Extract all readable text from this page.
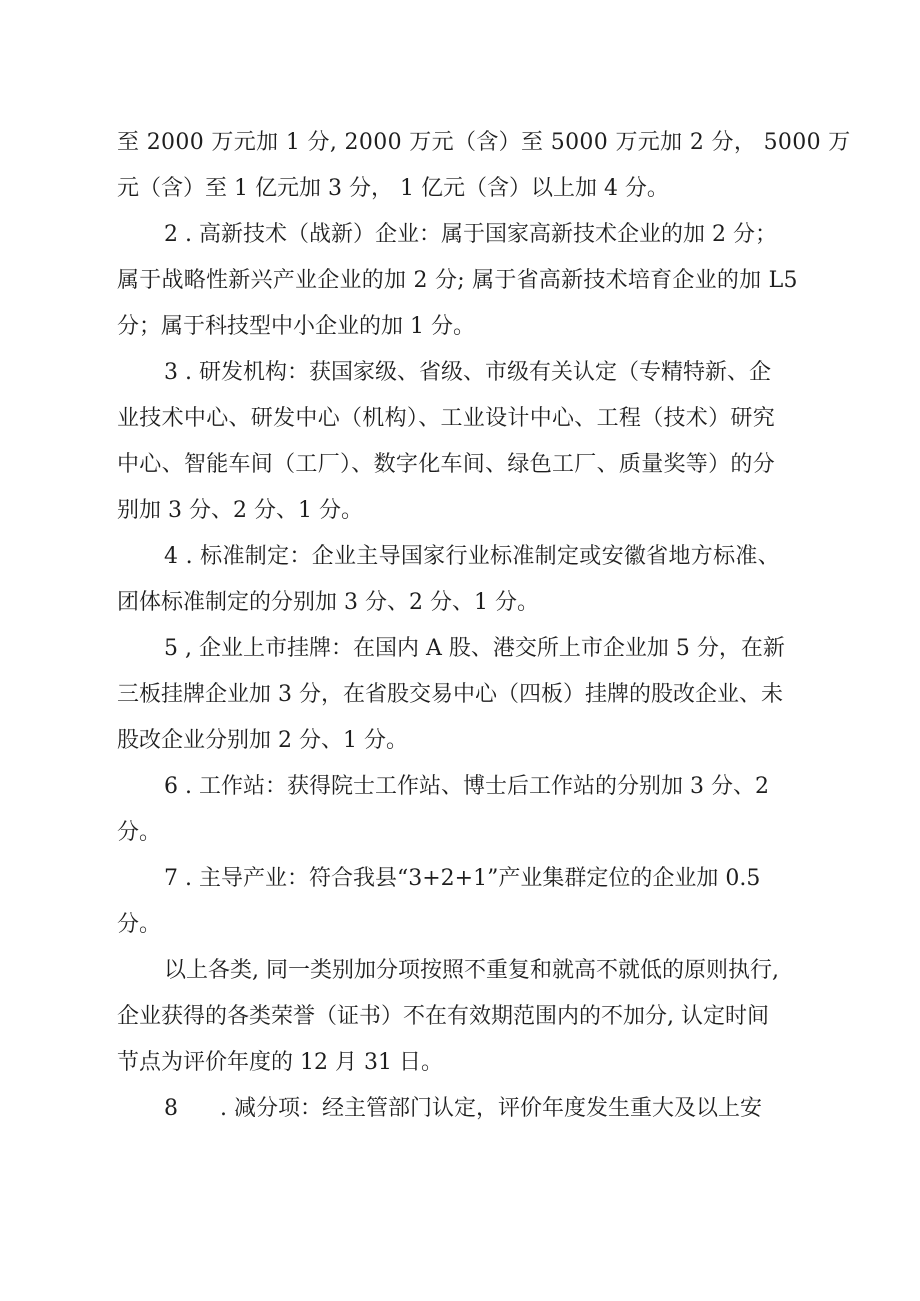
至 2000 万元加 1 分, 2000 万元（含）至 5000 万元加 2 分， 5000 万
元（含）至 1 亿元加 3 分， 1 亿元（含）以上加 4 分。
2 . 高新技术（战新）企业：属于国家高新技术企业的加 2 分；
属于战略性新兴产业企业的加 2 分; 属于省高新技术培育企业的加 L5
分；属于科技型中小企业的加 1 分。
3 . 研发机构：获国家级、省级、市级有关认定（专精特新、企
业技术中心、研发中心（机构）、工业设计中心、工程（技术）研究
中心、智能车间（工厂）、数字化车间、绿色工厂、质量奖等）的分
别加 3 分、2 分、1 分。
4 . 标准制定：企业主导国家行业标准制定或安徽省地方标准、
团体标准制定的分别加 3 分、2 分、1 分。
5 , 企业上市挂牌：在国内 A 股、港交所上市企业加 5 分，在新
三板挂牌企业加 3 分，在省股交易中心（四板）挂牌的股改企业、未
股改企业分别加 2 分、1 分。
6 . 工作站：获得院士工作站、博士后工作站的分别加 3 分、2
分。
7 . 主导产业：符合我县“3+2+1”产业集群定位的企业加 0.5
分。
以上各类, 同一类别加分项按照不重复和就高不就低的原则执行,
企业获得的各类荣誉（证书）不在有效期范围内的不加分, 认定时间
节点为评价年度的 12 月 31 日。
8      . 减分项：经主管部门认定，评价年度发生重大及以上安
